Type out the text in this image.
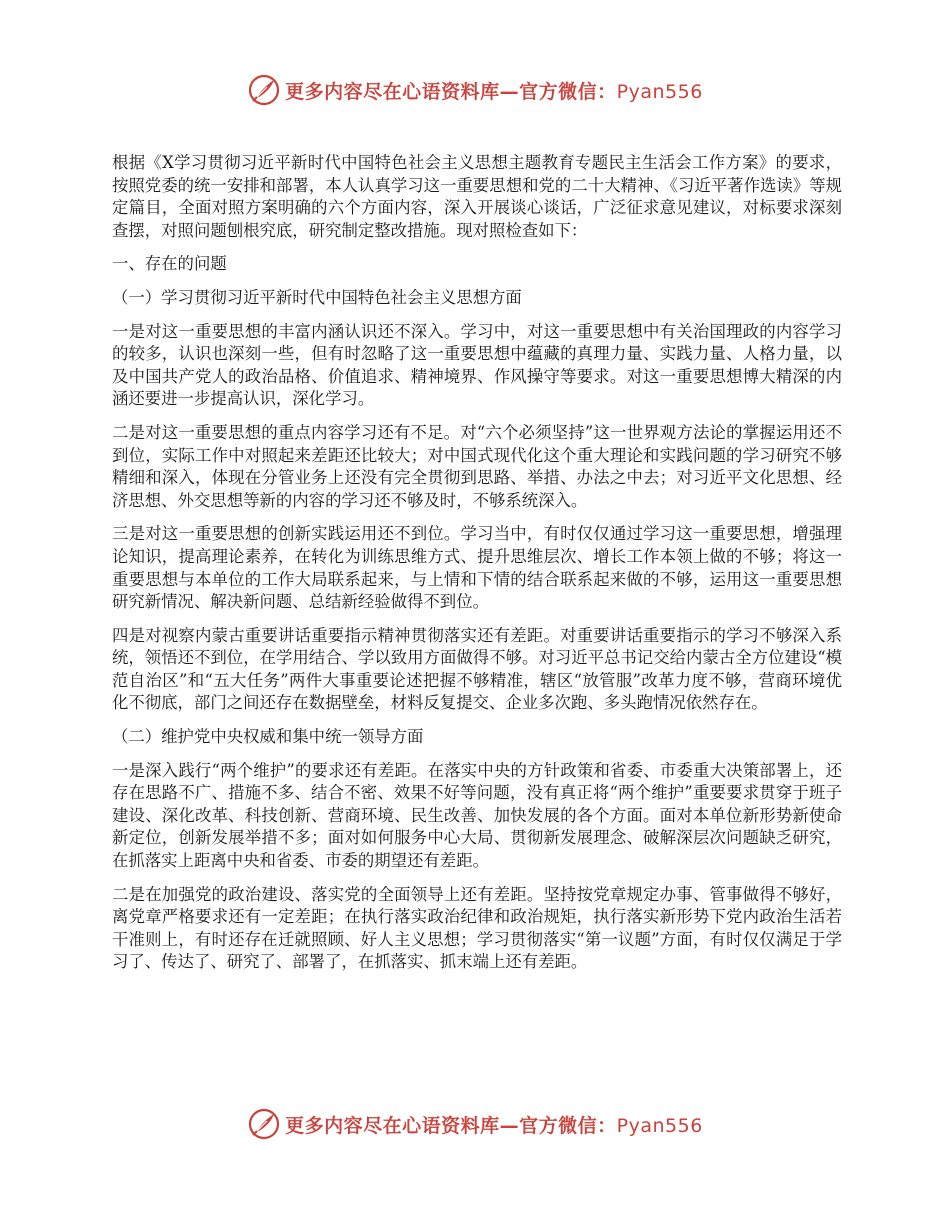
更多内容尽在心语资料库—官方微信：Pyan556

根据《X学习贯彻习近平新时代中国特色社会主义思想主题教育专题民主生活会工作方案》的要求，按照党委的统一安排和部署，本人认真学习这一重要思想和党的二十大精神、《习近平著作选读》等规定篇目，全面对照方案明确的六个方面内容，深入开展谈心谈话，广泛征求意见建议，对标要求深刻查摆，对照问题刨根究底，研究制定整改措施。现对照检查如下：

一、存在的问题

（一）学习贯彻习近平新时代中国特色社会主义思想方面

一是对这一重要思想的丰富内涵认识还不深入。学习中，对这一重要思想中有关治国理政的内容学习的较多，认识也深刻一些，但有时忽略了这一重要思想中蕴藏的真理力量、实践力量、人格力量，以及中国共产党人的政治品格、价值追求、精神境界、作风操守等要求。对这一重要思想博大精深的内涵还要进一步提高认识，深化学习。

二是对这一重要思想的重点内容学习还有不足。对“六个必须坚持”这一世界观方法论的掌握运用还不到位，实际工作中对照起来差距还比较大；对中国式现代化这个重大理论和实践问题的学习研究不够精细和深入，体现在分管业务上还没有完全贯彻到思路、举措、办法之中去；对习近平文化思想、经济思想、外交思想等新的内容的学习还不够及时，不够系统深入。

三是对这一重要思想的创新实践运用还不到位。学习当中，有时仅仅通过学习这一重要思想，增强理论知识，提高理论素养，在转化为训练思维方式、提升思维层次、增长工作本领上做的不够；将这一重要思想与本单位的工作大局联系起来，与上情和下情的结合联系起来做的不够，运用这一重要思想研究新情况、解决新问题、总结新经验做得不到位。

四是对视察内蒙古重要讲话重要指示精神贯彻落实还有差距。对重要讲话重要指示的学习不够深入系统，领悟还不到位，在学用结合、学以致用方面做得不够。对习近平总书记交给内蒙古全方位建设“模范自治区”和“五大任务”两件大事重要论述把握不够精准，辖区“放管服”改革力度不够，营商环境优化不彻底，部门之间还存在数据壁垒，材料反复提交、企业多次跑、多头跑情况依然存在。

（二）维护党中央权威和集中统一领导方面

一是深入践行“两个维护”的要求还有差距。在落实中央的方针政策和省委、市委重大决策部署上，还存在思路不广、措施不多、结合不密、效果不好等问题，没有真正将“两个维护”重要要求贯穿于班子建设、深化改革、科技创新、营商环境、民生改善、加快发展的各个方面。面对本单位新形势新使命新定位，创新发展举措不多；面对如何服务中心大局、贯彻新发展理念、破解深层次问题缺乏研究，在抓落实上距离中央和省委、市委的期望还有差距。

二是在加强党的政治建设、落实党的全面领导上还有差距。坚持按党章规定办事、管事做得不够好，离党章严格要求还有一定差距；在执行落实政治纪律和政治规矩，执行落实新形势下党内政治生活若干准则上，有时还存在迁就照顾、好人主义思想；学习贯彻落实“第一议题”方面，有时仅仅满足于学习了、传达了、研究了、部署了，在抓落实、抓末端上还有差距。

更多内容尽在心语资料库—官方微信：Pyan556
